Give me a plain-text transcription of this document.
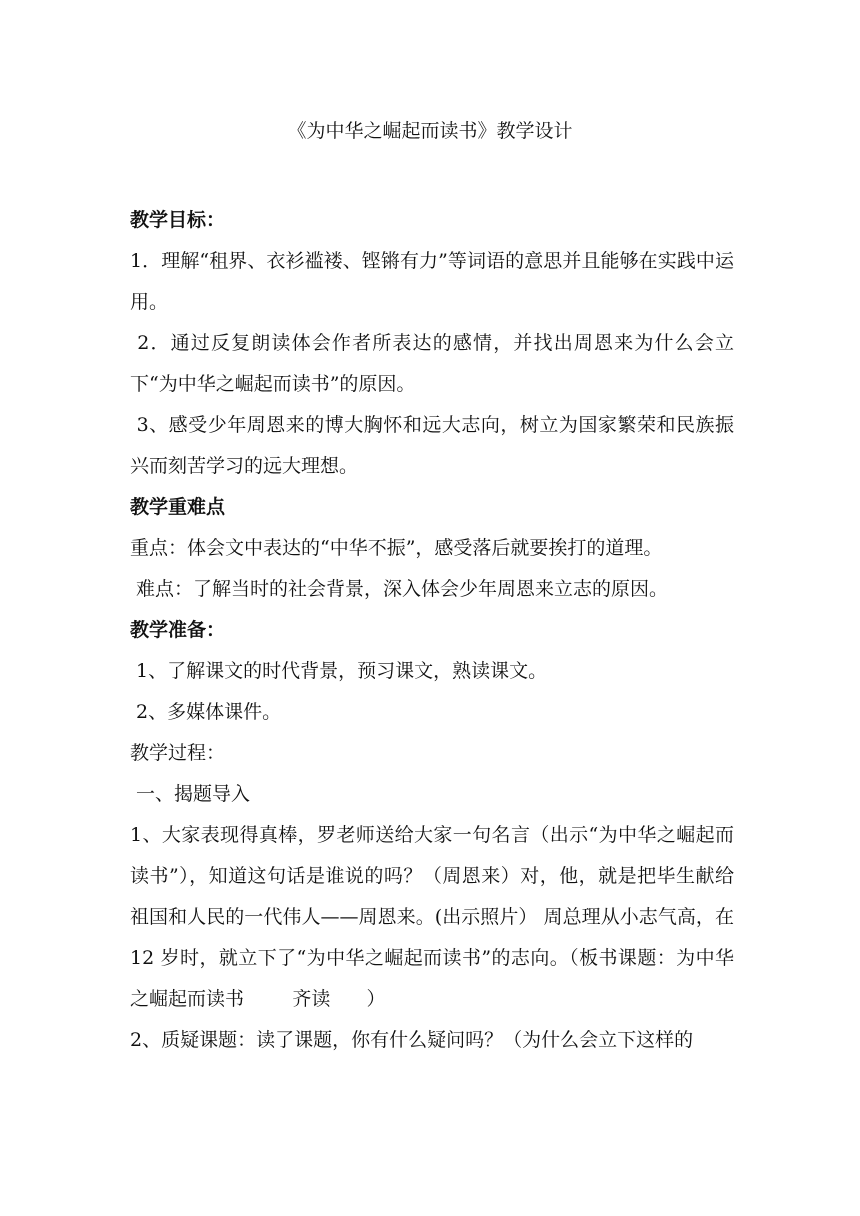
《为中华之崛起而读书》教学设计

教学目标：

1．理解“租界、衣衫褴褛、铿锵有力”等词语的意思并且能够在实践中运用。

2．通过反复朗读体会作者所表达的感情，并找出周恩来为什么会立下“为中华之崛起而读书”的原因。

3、感受少年周恩来的博大胸怀和远大志向，树立为国家繁荣和民族振兴而刻苦学习的远大理想。

教学重难点

重点：体会文中表达的“中华不振”，感受落后就要挨打的道理。

难点：了解当时的社会背景，深入体会少年周恩来立志的原因。

教学准备：

1、了解课文的时代背景，预习课文，熟读课文。

2、多媒体课件。

教学过程：

一、揭题导入

1、大家表现得真棒，罗老师送给大家一句名言（出示“为中华之崛起而读书”），知道这句话是谁说的吗？（周恩来）对，他，就是把毕生献给祖国和人民的一代伟人——周恩来。(出示照片） 周总理从小志气高，在 12 岁时，就立下了“为中华之崛起而读书”的志向。（板书课题：为中华之崛起而读书        齐读      ）

2、质疑课题：读了课题，你有什么疑问吗？（为什么会立下这样的
